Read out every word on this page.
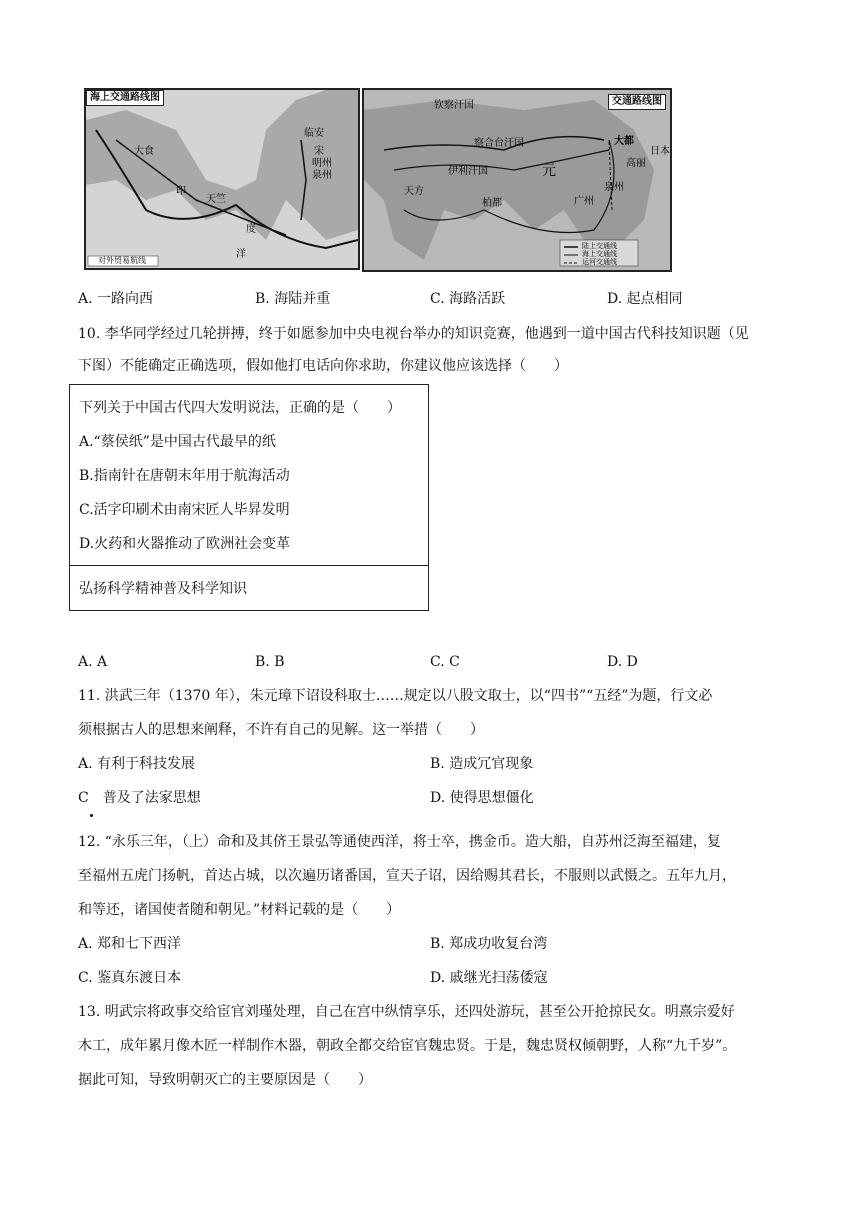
海上交通路线图
临安
宋
明州
泉州
大食
天竺
印
度
洋
对外贸易航线
交通路线图
钦察汗国
察合台汗国
伊利汗国
大都
元
天方
柏都
日本
高丽
泉州
广州
陆上交通线
海上交通线
运河交通线
A. 一路向西	B. 海陆并重	C. 海路活跃	D. 起点相同
10. 李华同学经过几轮拼搏，终于如愿参加中央电视台举办的知识竞赛，他遇到一道中国古代科技知识题（见
下图）不能确定正确选项，假如他打电话向你求助，你建议他应该选择（　　）
下列关于中国古代四大发明说法，正确的是（　　）
A.“蔡侯纸”是中国古代最早的纸
B.指南针在唐朝末年用于航海活动
C.活字印刷术由南宋匠人毕昇发明
D.火药和火器推动了欧洲社会变革
弘扬科学精神普及科学知识
A. A	B. B	C. C	D. D
11. 洪武三年（1370 年），朱元璋下诏设科取士……规定以八股文取士，以“四书”“五经”为题，行文必
须根据古人的思想来阐释，不许有自己的见解。这一举措（　　）
A. 有利于科技发展	B. 造成冗官现象
C　普及了法家思想	D. 使得思想僵化
12. “永乐三年，（上）命和及其侪王景弘等通使西洋，将士卒，携金币。造大船，自苏州泛海至福建，复
至福州五虎门扬帆，首达占城，以次遍历诸番国，宣天子诏，因给赐其君长，不服则以武慑之。五年九月，
和等还，诸国使者随和朝见。”材料记载的是（　　）
A. 郑和七下西洋	B. 郑成功收复台湾
C. 鉴真东渡日本	D. 戚继光扫荡倭寇
13. 明武宗将政事交给宦官刘瑾处理，自己在宫中纵情享乐，还四处游玩，甚至公开抢掠民女。明熹宗爱好
木工，成年累月像木匠一样制作木器，朝政全都交给宦官魏忠贤。于是，魏忠贤权倾朝野，人称“九千岁”。
据此可知，导致明朝灭亡的主要原因是（　　）
